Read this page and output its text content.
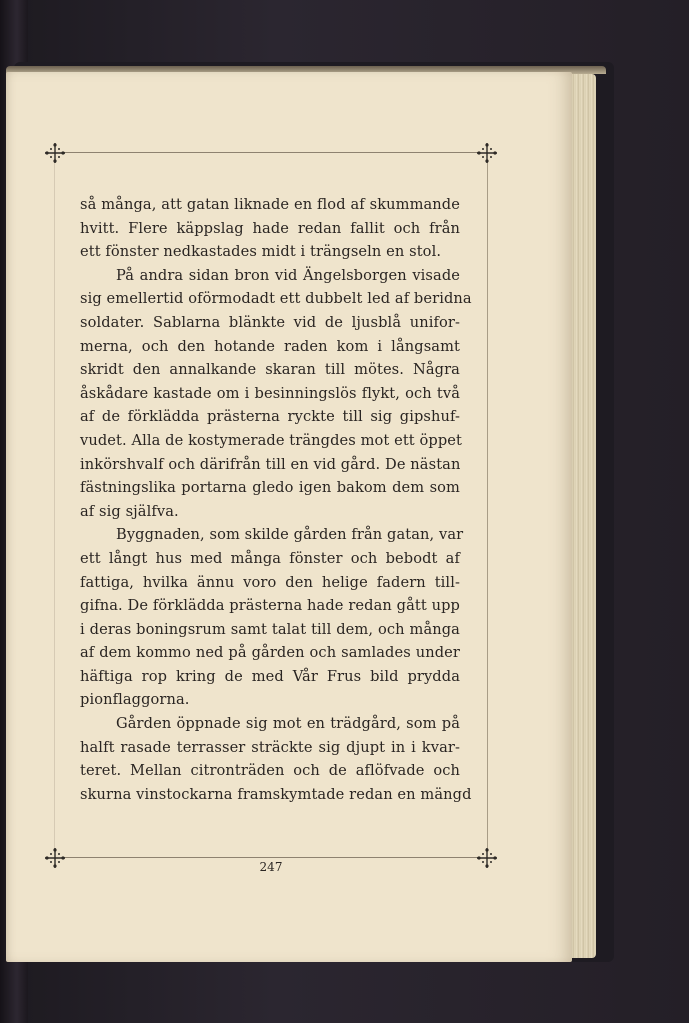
så många, att gatan liknade en flod af skummande
hvitt. Flere käppslag hade redan fallit och från
ett fönster nedkastades midt i trängseln en stol.
På andra sidan bron vid Ängelsborgen visade
sig emellertid oförmodadt ett dubbelt led af beridna
soldater. Sablarna blänkte vid de ljusblå unifor-
merna, och den hotande raden kom i långsamt
skridt den annalkande skaran till mötes. Några
åskådare kastade om i besinningslös flykt, och två
af de förklädda prästerna ryckte till sig gipshuf-
vudet. Alla de kostymerade trängdes mot ett öppet
inkörshvalf och därifrån till en vid gård. De nästan
fästningslika portarna gledo igen bakom dem som
af sig själfva.
Byggnaden, som skilde gården från gatan, var
ett långt hus med många fönster och bebodt af
fattiga, hvilka ännu voro den helige fadern till-
gifna. De förklädda prästerna hade redan gått upp
i deras boningsrum samt talat till dem, och många
af dem kommo ned på gården och samlades under
häftiga rop kring de med Vår Frus bild prydda
pionflaggorna.
Gården öppnade sig mot en trädgård, som på
halft rasade terrasser sträckte sig djupt in i kvar-
teret. Mellan citronträden och de aflöfvade och
skurna vinstockarna framskymtade redan en mängd
247
